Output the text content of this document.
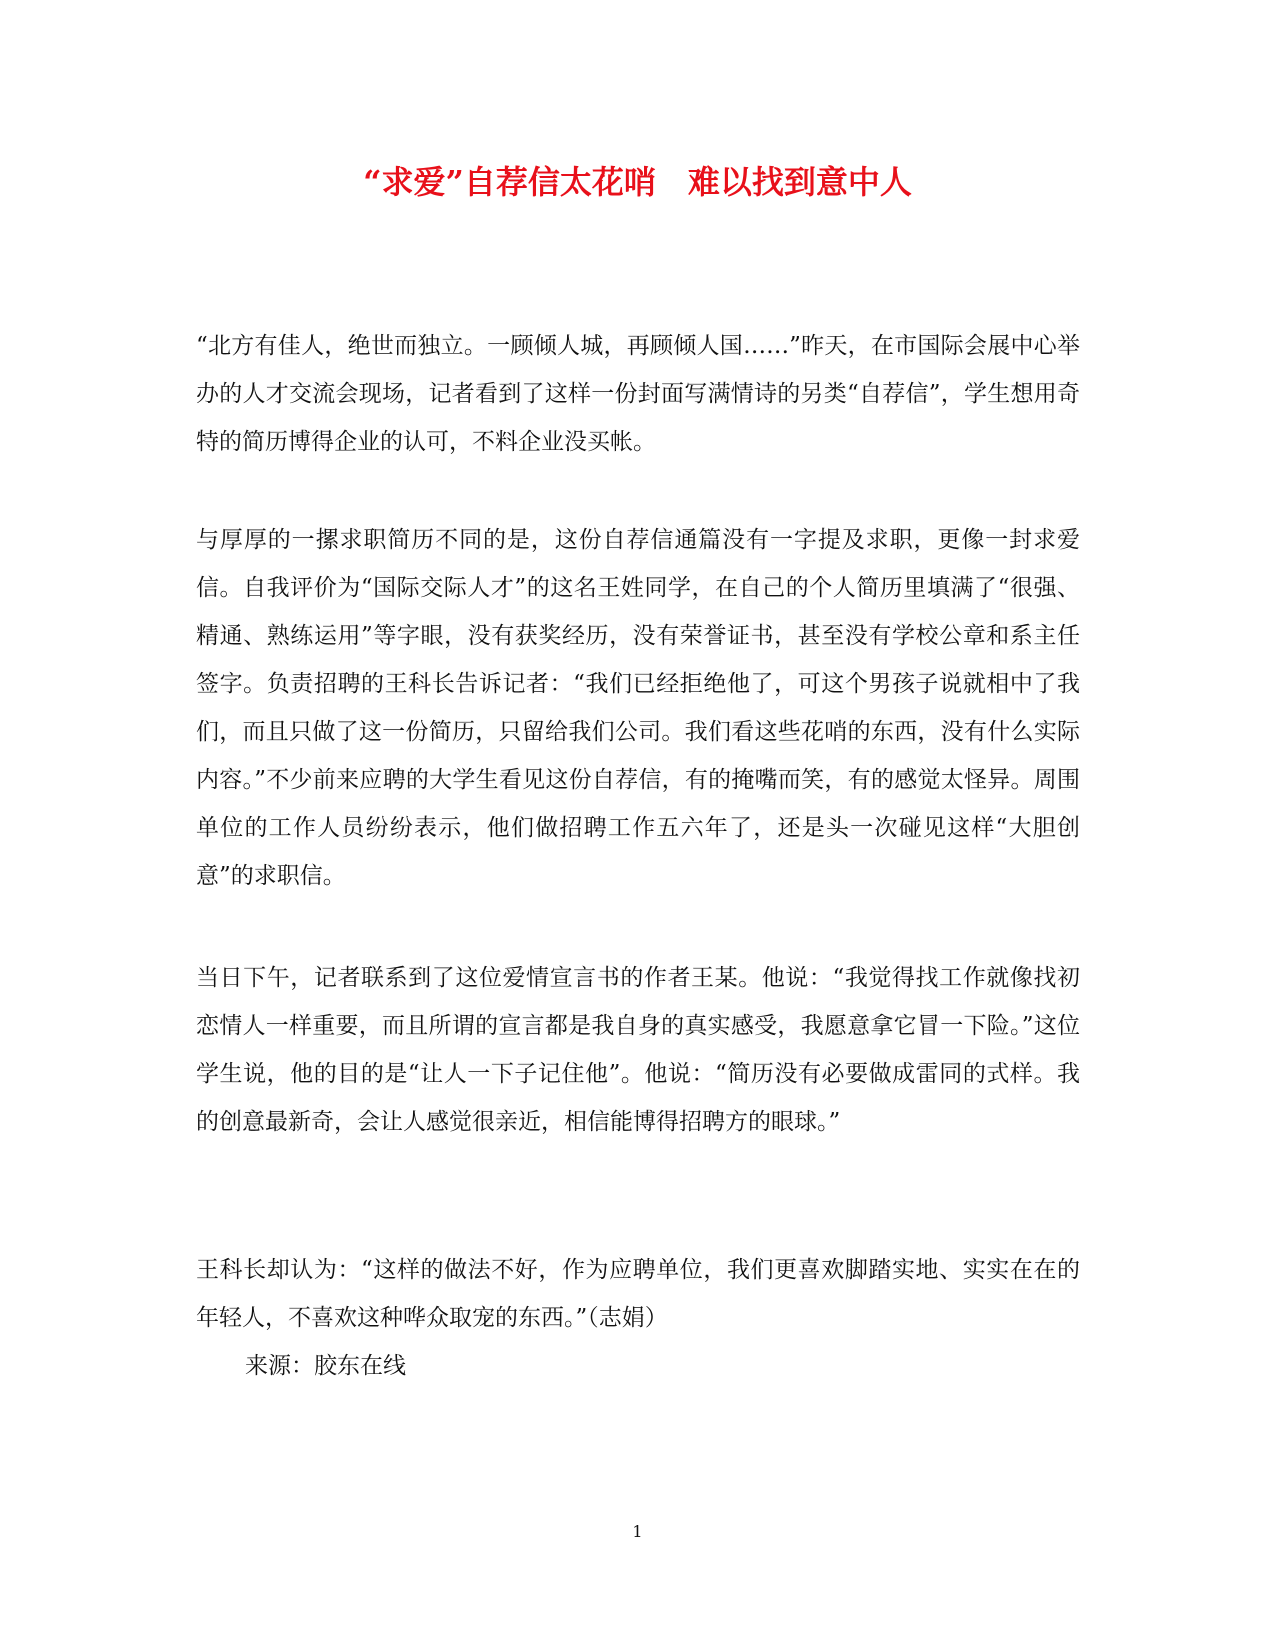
“求爱”自荐信太花哨　难以找到意中人
“北方有佳人，绝世而独立。一顾倾人城，再顾倾人国……”昨天，在市国际会展中心举办的人才交流会现场，记者看到了这样一份封面写满情诗的另类“自荐信”，学生想用奇特的简历博得企业的认可，不料企业没买帐。
与厚厚的一摞求职简历不同的是，这份自荐信通篇没有一字提及求职，更像一封求爱信。自我评价为“国际交际人才”的这名王姓同学，在自己的个人简历里填满了“很强、精通、熟练运用”等字眼，没有获奖经历，没有荣誉证书，甚至没有学校公章和系主任签字。负责招聘的王科长告诉记者：“我们已经拒绝他了，可这个男孩子说就相中了我们，而且只做了这一份简历，只留给我们公司。我们看这些花哨的东西，没有什么实际内容。”不少前来应聘的大学生看见这份自荐信，有的掩嘴而笑，有的感觉太怪异。周围单位的工作人员纷纷表示，他们做招聘工作五六年了，还是头一次碰见这样“大胆创意”的求职信。
当日下午，记者联系到了这位爱情宣言书的作者王某。他说：“我觉得找工作就像找初恋情人一样重要，而且所谓的宣言都是我自身的真实感受，我愿意拿它冒一下险。”这位学生说，他的目的是“让人一下子记住他”。他说：“简历没有必要做成雷同的式样。我的创意最新奇，会让人感觉很亲近，相信能博得招聘方的眼球。”
王科长却认为：“这样的做法不好，作为应聘单位，我们更喜欢脚踏实地、实实在在的年轻人，不喜欢这种哗众取宠的东西。”（志娟）
来源：胶东在线
1
